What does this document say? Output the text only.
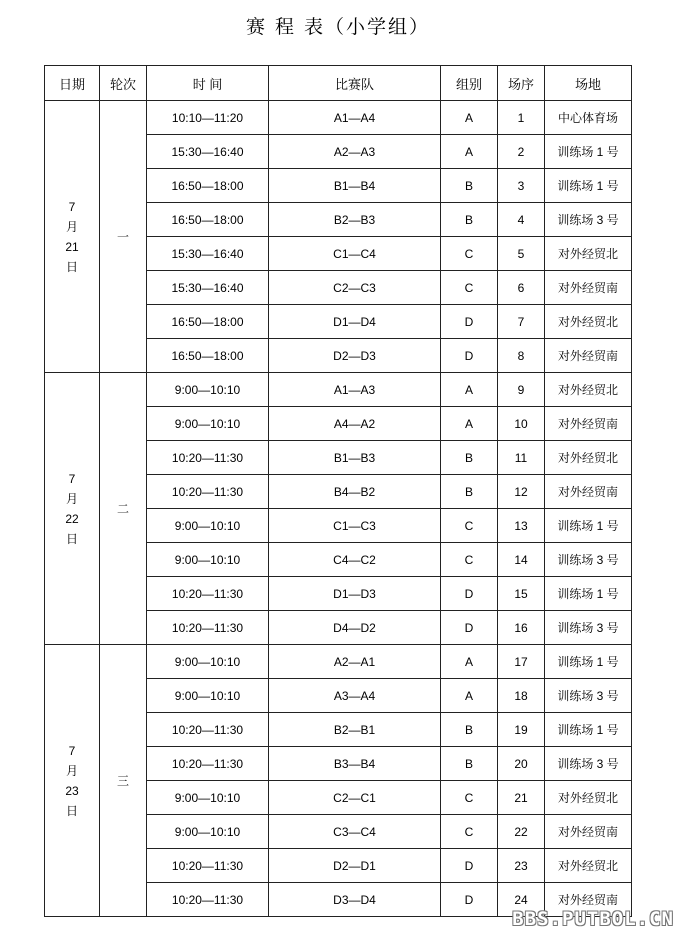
赛 程 表（小学组）
日期	轮次	时 间	比赛队	组别	场序	场地

7
月
21
日	一	10:10—11:20	A1—A4	A	1	中心体育场
		15:30—16:40	A2—A3	A	2	训练场 1 号
		16:50—18:00	B1—B4	B	3	训练场 1 号
		16:50—18:00	B2—B3	B	4	训练场 3 号
		15:30—16:40	C1—C4	C	5	对外经贸北
		15:30—16:40	C2—C3	C	6	对外经贸南
		16:50—18:00	D1—D4	D	7	对外经贸北
		16:50—18:00	D2—D3	D	8	对外经贸南

7
月
22
日	二	9:00—10:10	A1—A3	A	9	对外经贸北
		9:00—10:10	A4—A2	A	10	对外经贸南
		10:20—11:30	B1—B3	B	11	对外经贸北
		10:20—11:30	B4—B2	B	12	对外经贸南
		9:00—10:10	C1—C3	C	13	训练场 1 号
		9:00—10:10	C4—C2	C	14	训练场 3 号
		10:20—11:30	D1—D3	D	15	训练场 1 号
		10:20—11:30	D4—D2	D	16	训练场 3 号

7
月
23
日	三	9:00—10:10	A2—A1	A	17	训练场 1 号
		9:00—10:10	A3—A4	A	18	训练场 3 号
		10:20—11:30	B2—B1	B	19	训练场 1 号
		10:20—11:30	B3—B4	B	20	训练场 3 号
		9:00—10:10	C2—C1	C	21	对外经贸北
		9:00—10:10	C3—C4	C	22	对外经贸南
		10:20—11:30	D2—D1	D	23	对外经贸北
		10:20—11:30	D3—D4	D	24	对外经贸南
BBS.PUTBOL.CN
